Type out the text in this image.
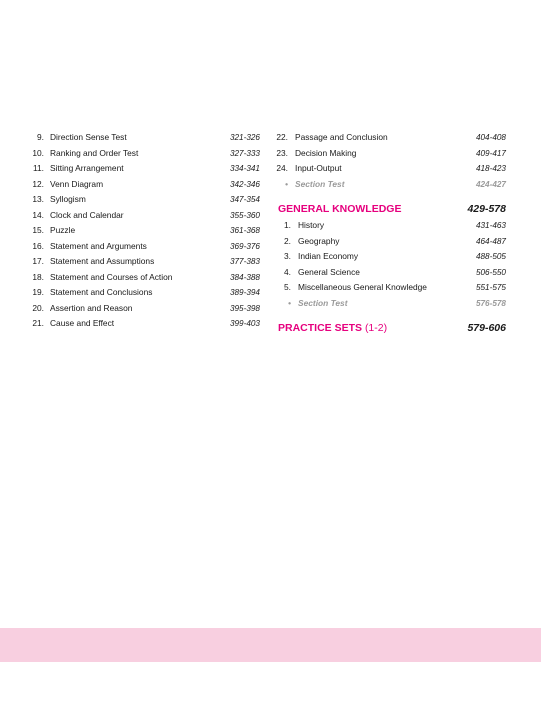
9. Direction Sense Test	321-326
10. Ranking and Order Test	327-333
11. Sitting Arrangement	334-341
12. Venn Diagram	342-346
13. Syllogism	347-354
14. Clock and Calendar	355-360
15. Puzzle	361-368
16. Statement and Arguments	369-376
17. Statement and Assumptions	377-383
18. Statement and Courses of Action	384-388
19. Statement and Conclusions	389-394
20. Assertion and Reason	395-398
21. Cause and Effect	399-403
22. Passage and Conclusion	404-408
23. Decision Making	409-417
24. Input-Output	418-423
• Section Test	424-427
GENERAL KNOWLEDGE	429-578
1. History	431-463
2. Geography	464-487
3. Indian Economy	488-505
4. General Science	506-550
5. Miscellaneous General Knowledge	551-575
• Section Test	576-578
PRACTICE SETS (1-2)	579-606
